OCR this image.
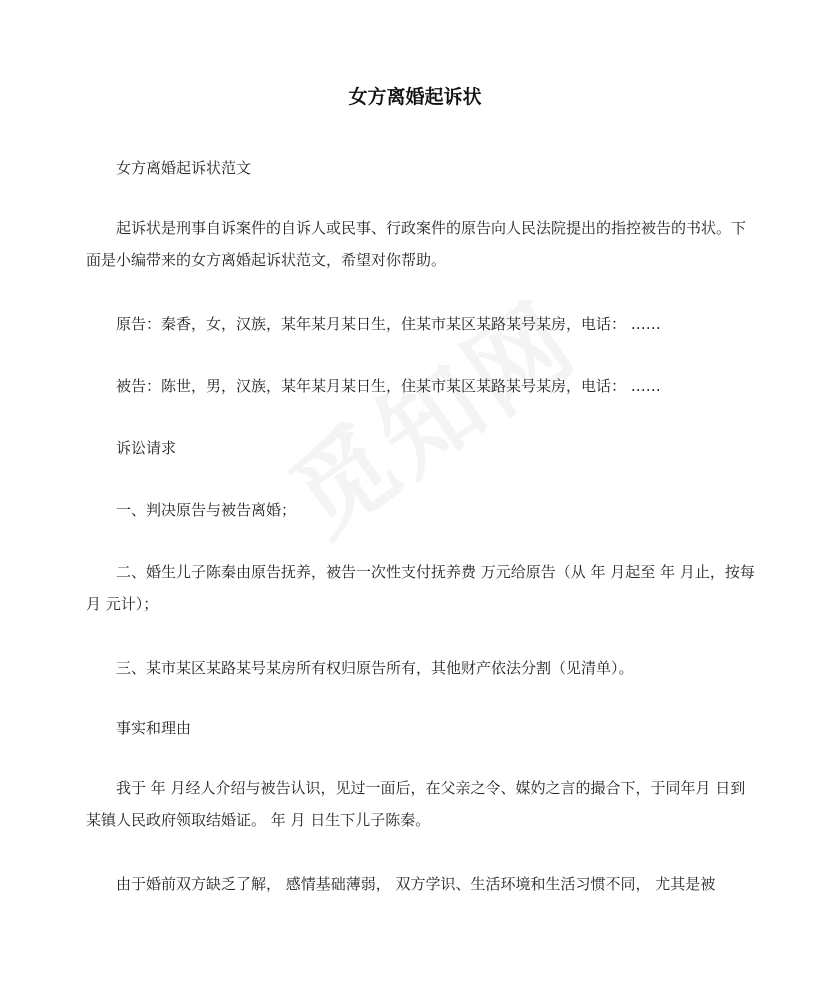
女方离婚起诉状

女方离婚起诉状范文

起诉状是刑事自诉案件的自诉人或民事、行政案件的原告向人民法院提出的指控被告的书状。下面是小编带来的女方离婚起诉状范文，希望对你帮助。

原告：秦香，女，汉族，某年某月某日生，住某市某区某路某号某房，电话： ……

被告：陈世，男，汉族，某年某月某日生，住某市某区某路某号某房，电话： ……

诉讼请求

一、判决原告与被告离婚；

二、婚生儿子陈秦由原告抚养，被告一次性支付抚养费 万元给原告（从 年 月起至 年 月止，按每月 元计）；

三、某市某区某路某号某房所有权归原告所有，其他财产依法分割（见清单）。

事实和理由

我于 年 月经人介绍与被告认识，见过一面后，在父亲之令、媒妁之言的撮合下，于同年月 日到某镇人民政府领取结婚证。 年 月 日生下儿子陈秦。

由于婚前双方缺乏了解， 感情基础薄弱， 双方学识、生活环境和生活习惯不同， 尤其是被
